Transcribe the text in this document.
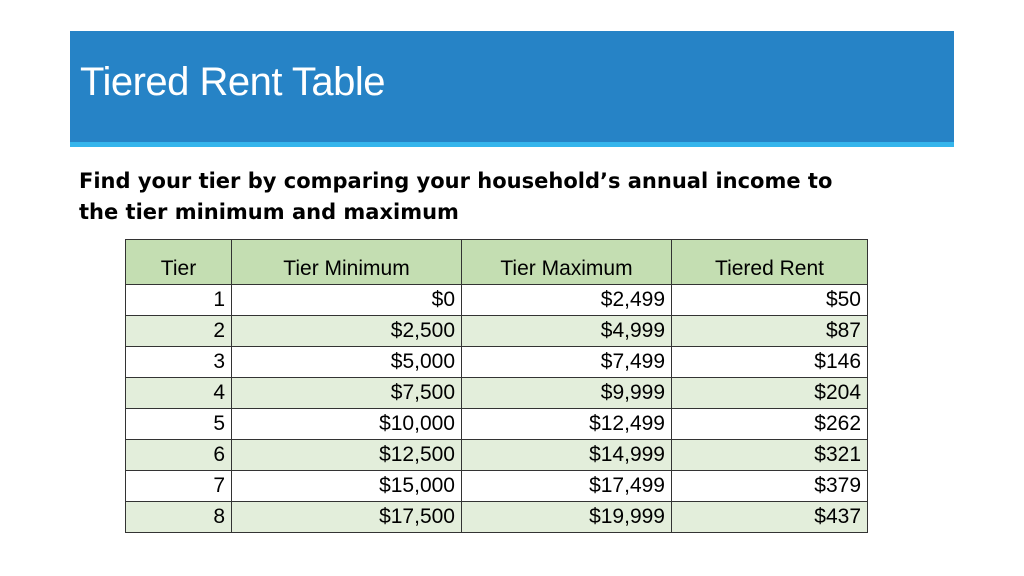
Tiered Rent Table
Find your tier by comparing your household’s annual income to the tier minimum and maximum
Tier	Tier Minimum	Tier Maximum	Tiered Rent
1	$0	$2,499	$50
2	$2,500	$4,999	$87
3	$5,000	$7,499	$146
4	$7,500	$9,999	$204
5	$10,000	$12,499	$262
6	$12,500	$14,999	$321
7	$15,000	$17,499	$379
8	$17,500	$19,999	$437
